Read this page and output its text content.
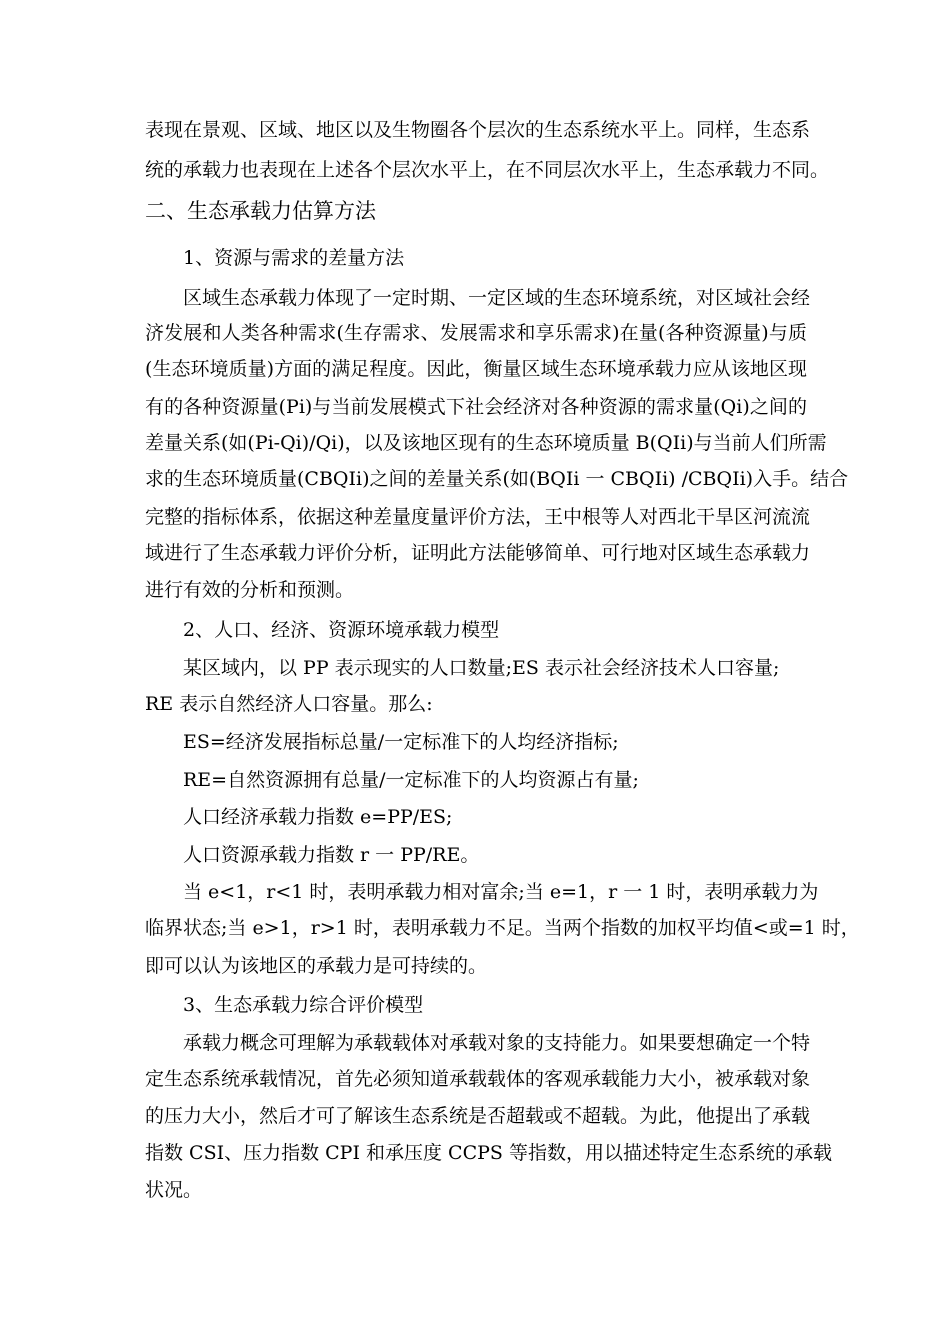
表现在景观、区域、地区以及生物圈各个层次的生态系统水平上。同样，生态系
统的承载力也表现在上述各个层次水平上，在不同层次水平上，生态承载力不同。
二、生态承载力估算方法
1、资源与需求的差量方法
区域生态承载力体现了一定时期、一定区域的生态环境系统，对区域社会经
济发展和人类各种需求(生存需求、发展需求和享乐需求)在量(各种资源量)与质
(生态环境质量)方面的满足程度。因此，衡量区域生态环境承载力应从该地区现
有的各种资源量(Pi)与当前发展模式下社会经济对各种资源的需求量(Qi)之间的
差量关系(如(Pi-Qi)/Qi)，以及该地区现有的生态环境质量 B(QIi)与当前人们所需
求的生态环境质量(CBQIi)之间的差量关系(如(BQIi 一 CBQIi) /CBQIi)入手。结合
完整的指标体系，依据这种差量度量评价方法，王中根等人对西北干旱区河流流
域进行了生态承载力评价分析，证明此方法能够简单、可行地对区域生态承载力
进行有效的分析和预测。
2、人口、经济、资源环境承载力模型
某区域内，以 PP 表示现实的人口数量;ES 表示社会经济技术人口容量;
RE 表示自然经济人口容量。那么:
ES=经济发展指标总量/一定标准下的人均经济指标;
RE=自然资源拥有总量/一定标准下的人均资源占有量;
人口经济承载力指数 e=PP/ES;
人口资源承载力指数 r 一 PP/RE。
当 e<1，r<1 时，表明承载力相对富余;当 e=1，r 一 1 时，表明承载力为
临界状态;当 e>1，r>1 时，表明承载力不足。当两个指数的加权平均值<或=1 时，
即可以认为该地区的承载力是可持续的。
3、生态承载力综合评价模型
承载力概念可理解为承载载体对承载对象的支持能力。如果要想确定一个特
定生态系统承载情况，首先必须知道承载载体的客观承载能力大小，被承载对象
的压力大小，然后才可了解该生态系统是否超载或不超载。为此，他提出了承载
指数 CSI、压力指数 CPI 和承压度 CCPS 等指数，用以描述特定生态系统的承载
状况。
